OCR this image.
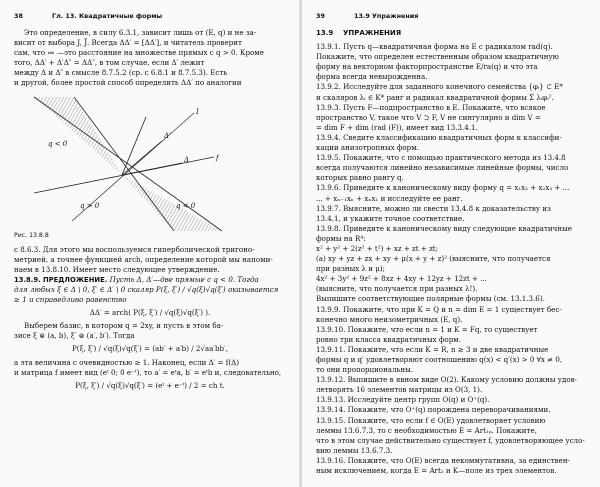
38	Гл. 13. Квадратичные формы

Это определение, в силу 6.3.1, зависит лишь от (E, q) и не за-

висит от выбора J, J̃. Всегда ΔΔ′ = [ΔΔ′], и читатель проверит

сам, что ≔ —это расстояние на множестве прямых с q > 0. Кроме

того, ΔΔ′ + Δ′Δ″ = ΔΔ″, в том случае, если Δ′ лежит

между Δ и Δ″ в смысле 8.7.5.2 (ср. с 6.8.1 и 8.7.5.3). Есть

и другой, более простой способ определить ΔΔ′ по аналогии

q < 0
q < 0
q > 0
Δ
Δ′
f
I
Рис. 13.8.8

с 8.6.3. Для этого мы воспользуемся гиперболической тригоно-

метрией, а точнее функцией arch, определение которой мы напоми-

наем в 13.8.10. Имеет место следующее утверждение.

13.8.9. ПРЕДЛОЖЕНИЕ. Пусть Δ, Δ′—две прямые с q < 0. Тогда

для любых ξ ∈ Δ \ 0, ξ′ ∈ Δ′ \ 0 скаляр P(ξ, ξ′) / √q(ξ)√q(ξ′) оказывается

≥ 1 и справедливо равенство

ΔΔ′ = arch( P(ξ, ξ′) / √q(ξ)√q(ξ′) ).

Выберем базис, в котором q = 2xy, и пусть в этом ба-

зисе ξ ⊜ (a, b), ξ′ ⊜ (a′, b′). Тогда

P(ξ, ξ′) / √q(ξ)√q(ξ′) = (ab′ + a′b) / 2√aa′bb′,

а эта величина с очевидностью ≥ 1. Наконец, если Δ′ = f(Δ)

и матрица f имеет вид (eᵗ 0; 0 e⁻ᵗ), то a′ = eᵗa, b′ = eᵗb и, следовательно,

P(ξ, ξ′) / √q(ξ)√q(ξ′) = (eᵗ + e⁻ᵗ) / 2 = ch t.

39	13.9 Упражнения
13.9 УПРАЖНЕНИЯ

13.9.1. Пусть q—квадратичная форма на E с радикалом rad(q).

Покажите, что определен естественным образом квадратичную

форму на векторном факторпространстве E/ra(q) и что эта

форма всегда невырожденна.

13.9.2. Исследуйте для заданного конечного семейства {φᵢ} ⊂ E*

и скаляров λᵢ ∈ K* ранг и радикал квадратичной формы Σ λᵢφᵢ².

13.9.3. Пусть F—подпространство в E. Покажите, что всякое

пространство V, такое что V ⊃ F, V не сингулярно и dim V =

= dim F + dim (rad (F)), имеет вид 13.3.4.1.

13.9.4. Сведите классификацию квадратичных форм к классифи-

кации анизотропных форм.

13.9.5. Покажите, что с помощью практического метода из 13.4.8

всегда получаются линейно независимые линейные формы, число

которых равно рангу q.

13.9.6. Приведите к каноническому виду форму q = x₁x₂ + x₂x₃ + ...

... + xₙ₋₁xₙ + xₙx₁ и исследуйте ее ранг.

13.9.7. Выясните, можно ли свести 13.4.8 к доказательству из

13.4.1, и укажите точное соответствие.

13.9.8. Приведите к каноническому виду следующие квадратичные

формы на R⁴:

x² + y² + 2(z² + t²) + xz + zt + zt;

(a) xy + yz + zx + xy + μ(x + y + z)² (выясните, что получается

при разных λ и μ);

4x² + 3y² + 9z² + 8xz + 4xy + 12yz + 12zt + ...

(выясните, что получается при разных λ!).

Выпишите соответствующие полярные формы (см. 13.1.3.6).

13.9.9. Покажите, что при K = Q и n = dim E = 1 существует бес-

конечно много неизометричных (E, q).

13.9.10. Покажите, что если n = 1 и K = Fq, то существует

ровно три класса квадратичных форм.

13.9.11. Покажите, что если K = R, n ≥ 3 и две квадратичные

формы q и q′ удовлетворяют соотношению q(x) < q′(x) > 0 ∀x ≠ 0,

то они пропорциональны.

13.9.12. Выпишите в явном виде O(2). Какому условию должны удов-

летворять 16 элементов матрицы из O(3, 1).

13.9.13. Исследуйте центр групп O(q) и O⁺(q).

13.9.14. Покажите, что O⁺(q) порождена переворачиваниями.

13.9.15. Покажите, что если f ∈ O(E) удовлетворяет условию

леммы 13.6.7.3, то с необходимостью E = Art₁ₚ. Покажите,

что в этом случае действительно существует f, удовлетворяющее усло-

вию леммы 13.6.7.3.

13.9.16. Покажите, что O(E) всегда некоммутативна, за единствен-

ным исключением, когда E = Art₂ и K—поле из трех элементов.
